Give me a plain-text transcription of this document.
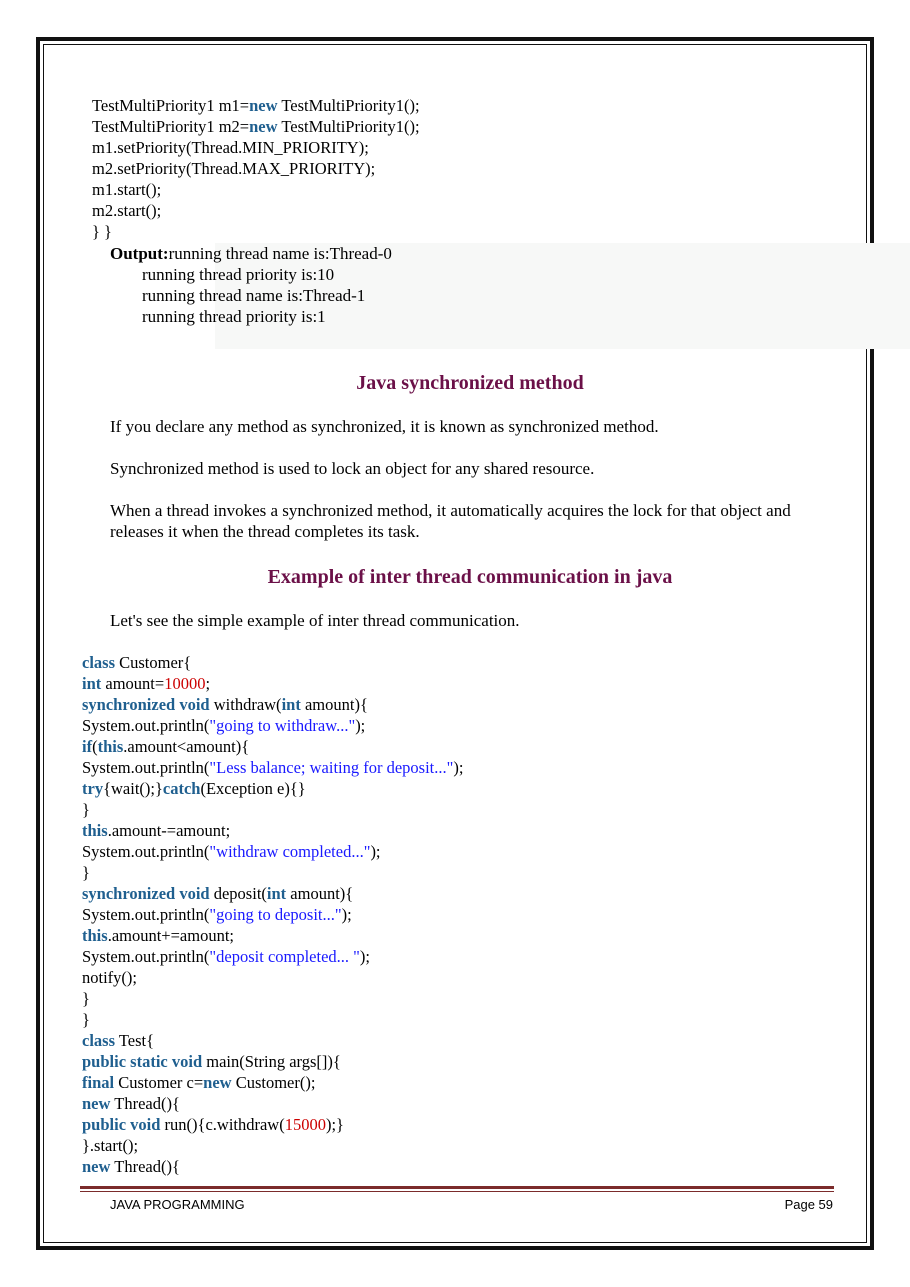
TestMultiPriority1 m1=new TestMultiPriority1();
TestMultiPriority1 m2=new TestMultiPriority1();
m1.setPriority(Thread.MIN_PRIORITY);
m2.setPriority(Thread.MAX_PRIORITY);
m1.start();
m2.start();
} }
Output:running thread name is:Thread-0
running thread priority is:10
running thread name is:Thread-1
running thread priority is:1
Java synchronized method
If you declare any method as synchronized, it is known as synchronized method.
Synchronized method is used to lock an object for any shared resource.
When a thread invokes a synchronized method, it automatically acquires the lock for that object and releases it when the thread completes its task.
Example of inter thread communication in java
Let's see the simple example of inter thread communication.
class Customer{
int amount=10000;
synchronized void withdraw(int amount){
System.out.println("going to withdraw...");
if(this.amount<amount){
System.out.println("Less balance; waiting for deposit...");
try{wait();}catch(Exception e){}
}
this.amount-=amount;
System.out.println("withdraw completed...");
}
synchronized void deposit(int amount){
System.out.println("going to deposit...");
this.amount+=amount;
System.out.println("deposit completed... ");
notify();
}
}
class Test{
public static void main(String args[]){
final Customer c=new Customer();
new Thread(){
public void run(){c.withdraw(15000);}
}.start();
new Thread(){
JAVA PROGRAMMING	Page 59
